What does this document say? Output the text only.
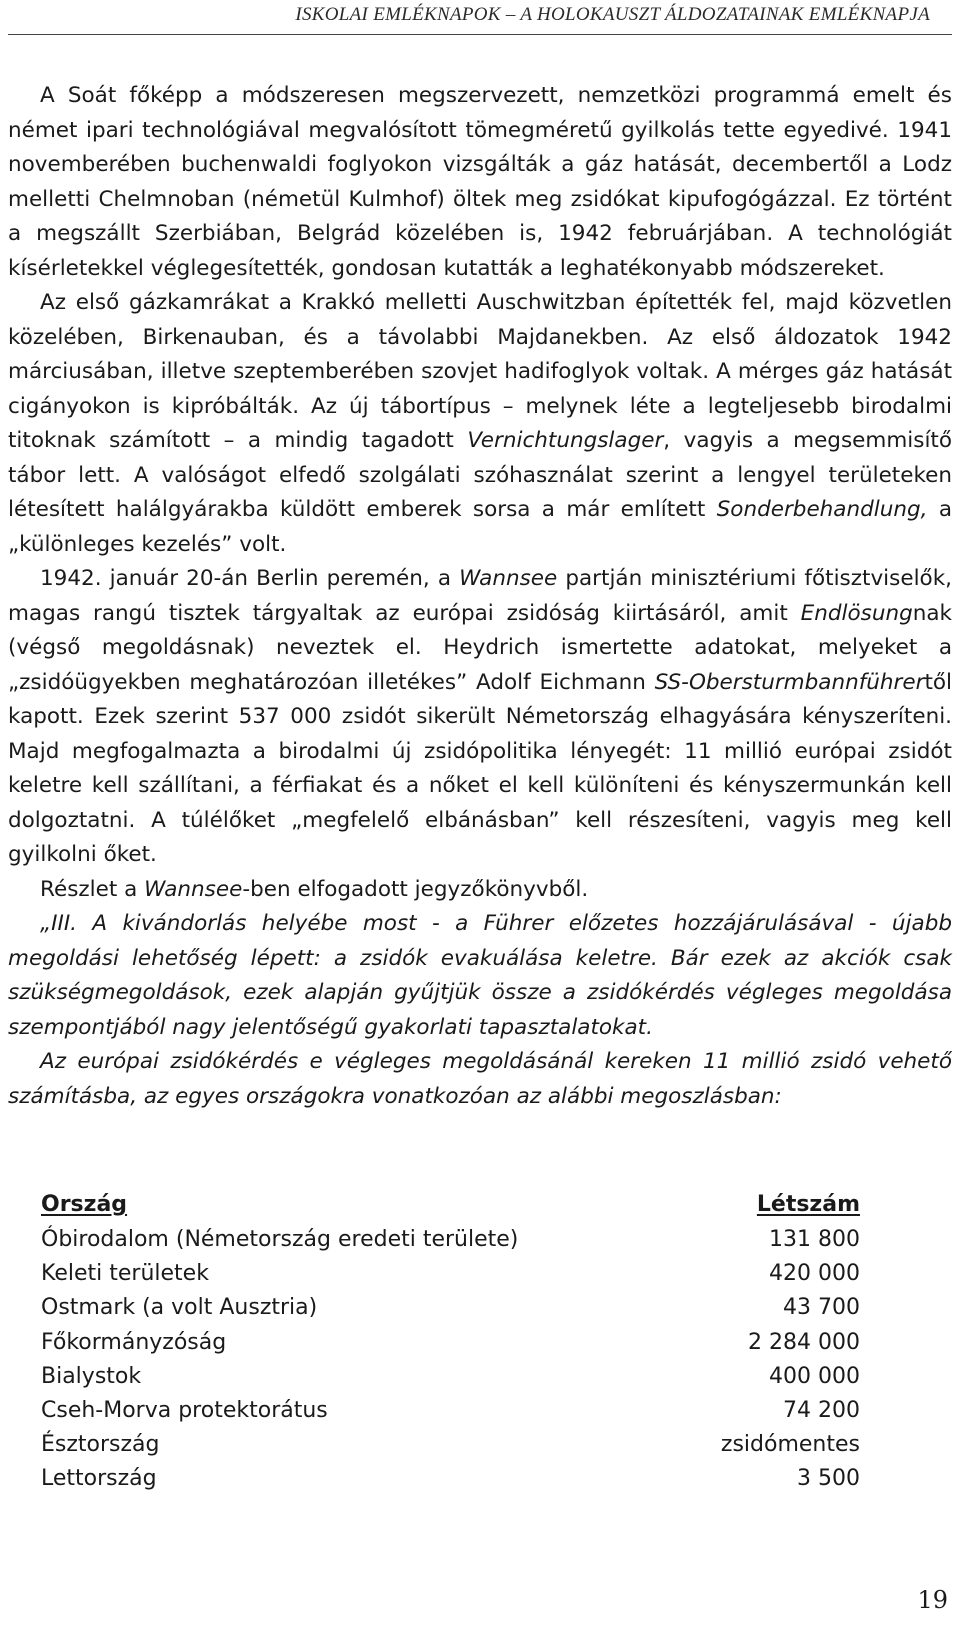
ISKOLAI EMLÉKNAPOK – A HOLOKAUSZT ÁLDOZATAINAK EMLÉKNAPJA

A Soát főképp a módszeresen megszervezett, nemzetközi programmá emelt és német ipari technológiával megvalósított tömegméretű gyilkolás tette egyedivé. 1941 novemberében buchenwaldi foglyokon vizsgálták a gáz hatását, decembertől a Lodz melletti Chelmnoban (németül Kulmhof) öltek meg zsidókat kipufogógázzal. Ez történt a megszállt Szerbiában, Belgrád közelében is, 1942 februárjában. A technológiát kísérletekkel véglegesítették, gondosan kutatták a leghatékonyabb módszereket.

Az első gázkamrákat a Krakkó melletti Auschwitzban építették fel, majd közvetlen közelében, Birkenauban, és a távolabbi Majdanekben. Az első áldozatok 1942 márciusában, illetve szeptemberében szovjet hadifoglyok voltak. A mérges gáz hatását cigányokon is kipróbálták. Az új tábortípus – melynek léte a legteljesebb birodalmi titoknak számított – a mindig tagadott Vernichtungslager, vagyis a megsemmisítő tábor lett. A valóságot elfedő szolgálati szóhasználat szerint a lengyel területeken létesített halálgyárakba küldött emberek sorsa a már említett Sonderbehandlung, a „különleges kezelés” volt.

1942. január 20-án Berlin peremén, a Wannsee partján minisztériumi főtisztviselők, magas rangú tisztek tárgyaltak az európai zsidóság kiirtásáról, amit Endlösungnak (végső megoldásnak) neveztek el. Heydrich ismertette adatokat, melyeket a „zsidóügyekben meghatározóan illetékes” Adolf Eichmann SS-Obersturmbannführertől kapott. Ezek szerint 537 000 zsidót sikerült Németország elhagyására kényszeríteni. Majd megfogalmazta a birodalmi új zsidópolitika lényegét: 11 millió európai zsidót keletre kell szállítani, a férfiakat és a nőket el kell különíteni és kényszermunkán kell dolgoztatni. A túlélőket „megfelelő elbánásban” kell részesíteni, vagyis meg kell gyilkolni őket.

Részlet a Wannsee-ben elfogadott jegyzőkönyvből.

„III. A kivándorlás helyébe most - a Führer előzetes hozzájárulásával - újabb megoldási lehetőség lépett: a zsidók evakuálása keletre. Bár ezek az akciók csak szükségmegoldások, ezek alapján gyűjtjük össze a zsidókérdés végleges megoldása szempontjából nagy jelentőségű gyakorlati tapasztalatokat.

Az európai zsidókérdés e végleges megoldásánál kereken 11 millió zsidó vehető számításba, az egyes országokra vonatkozóan az alábbi megoszlásban:

Ország	Létszám
Óbirodalom (Németország eredeti területe)	131 800
Keleti területek	420 000
Ostmark (a volt Ausztria)	43 700
Főkormányzóság	2 284 000
Bialystok	400 000
Cseh-Morva protektorátus	74 200
Észtország	zsidómentes
Lettország	3 500
19
